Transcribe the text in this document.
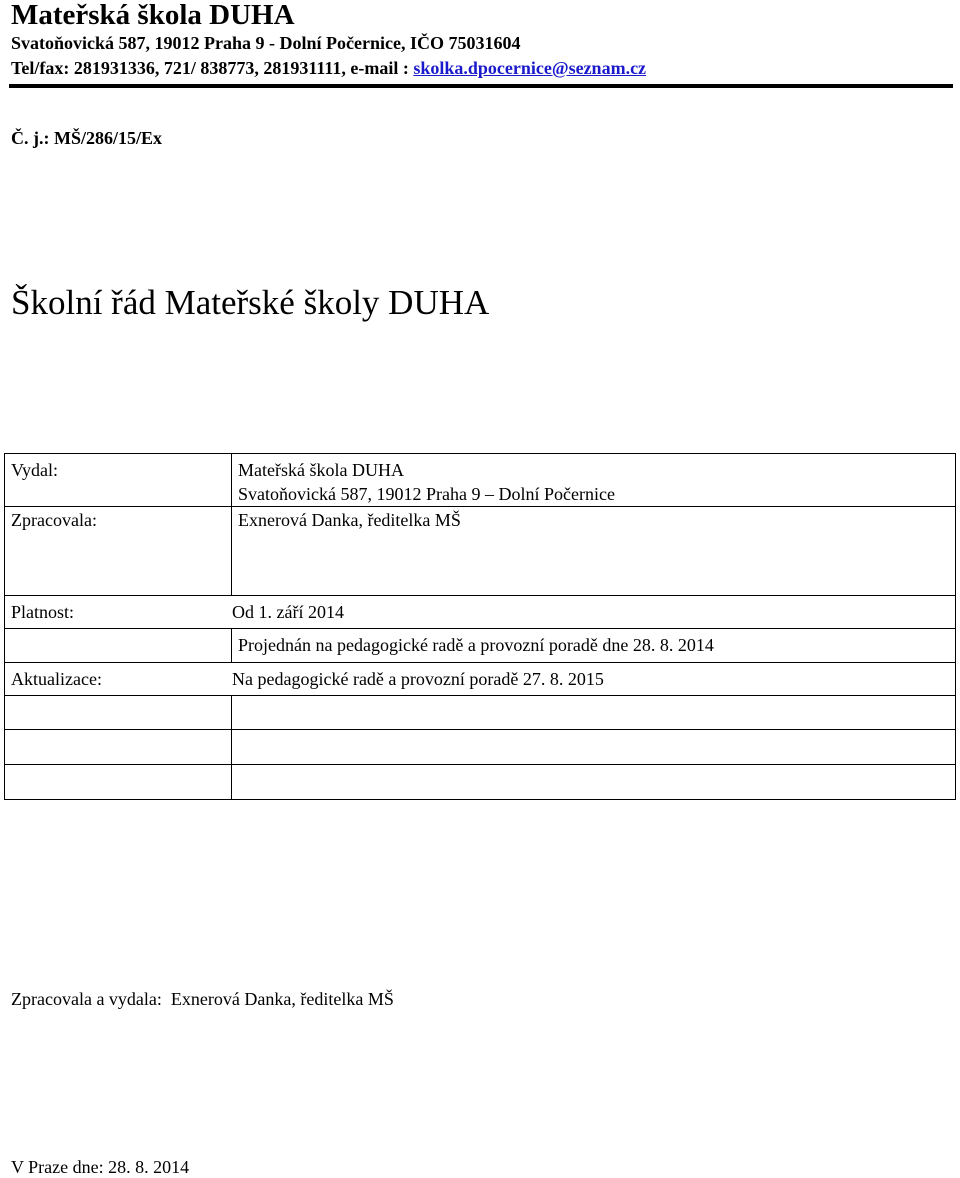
Mateřská škola DUHA
Svatoňovická 587, 19012 Praha 9 - Dolní Počernice, IČO 75031604
Tel/fax: 281931336, 721/ 838773, 281931111, e-mail : skolka.dpocernice@seznam.cz
Č. j.: MŠ/286/15/Ex
Školní řád Mateřské školy DUHA
Vydal:	Mateřská škola DUHA
Svatoňovická 587, 19012 Praha 9 – Dolní Počernice

Zpracovala:	Exnerová Danka, ředitelka MŠ
Platnost: Od 1. září 2014	
	Projednán na pedagogické radě a provozní poradě dne 28. 8. 2014
Aktualizace: Na pedagogické radě a provozní poradě 27. 8. 2015	

Zpracovala a vydala:  Exnerová Danka, ředitelka MŠ
V Praze dne: 28. 8. 2014
